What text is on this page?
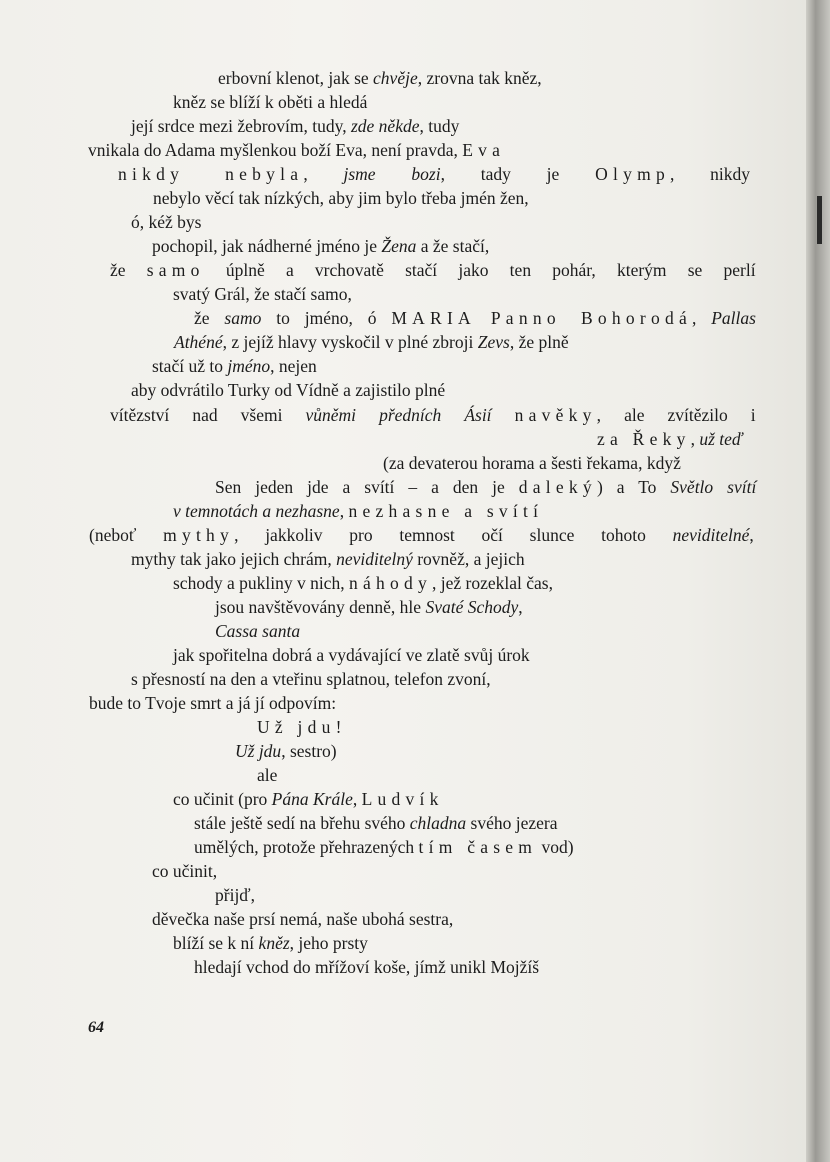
erbovní klenot, jak se chvěje, zrovna tak kněz,
kněz se blíží k oběti a hledá
její srdce mezi žebrovím, tudy, zde někde, tudy
vnikala do Adama myšlenkou boží Eva, není pravda, Eva
nikdy nebyla, jsme bozi, tady je Olymp, nikdy
nebylo věcí tak nízkých, aby jim bylo třeba jmén žen,
ó, kéž bys
pochopil, jak nádherné jméno je Žena a že stačí,
že samo úplně a vrchovatě stačí jako ten pohár, kterým se perlí
svatý Grál, že stačí samo,
že samo to jméno, ó MARIA Panno Bohorodá, Pallas
Athéné, z jejíž hlavy vyskočil v plné zbroji Zevs, že plně
stačí už to jméno, nejen
aby odvrátilo Turky od Vídně a zajistilo plné
vítězství nad všemi vůněmi předních Ásií navěky, ale zvítězilo i
za Řeky, už teď
(za devaterou horama a šesti řekama, když
Sen jeden jde a svítí – a den je daleký) a To Světlo svítí
v temnotách a nezhasne, nezhasne a svítí
(neboť mythy, jakkoliv pro temnost očí slunce tohoto neviditelné,
mythy tak jako jejich chrám, neviditelný rovněž, a jejich
schody a pukliny v nich, náhody, jež rozeklal čas,
jsou navštěvovány denně, hle Svaté Schody,
Cassa santa
jak spořitelna dobrá a vydávající ve zlatě svůj úrok
s přesností na den a vteřinu splatnou, telefon zvoní,
bude to Tvoje smrt a já jí odpovím:
Už jdu!
Už jdu, sestro)
ale
co učinit (pro Pána Krále, Ludvík
stále ještě sedí na břehu svého chladna svého jezera
umělých, protože přehrazených tím časem vod)
co učinit,
přijď,
děvečka naše prsí nemá, naše ubohá sestra,
blíží se k ní kněz, jeho prsty
hledají vchod do mřížoví koše, jímž unikl Mojžíš
64
